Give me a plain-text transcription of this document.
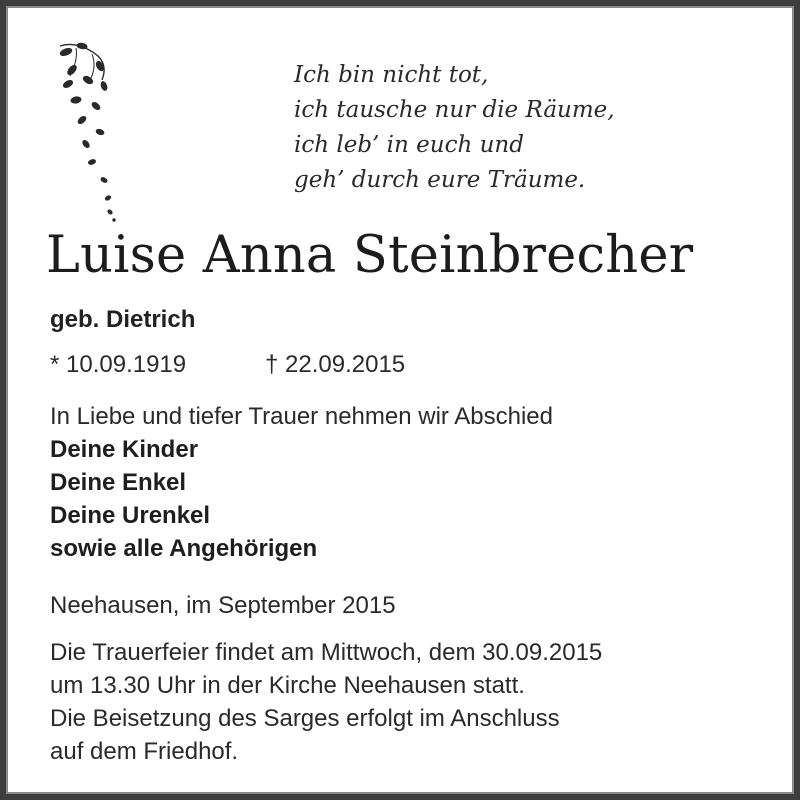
Ich bin nicht tot,
ich tausche nur die Räume,
ich leb’ in euch und
geh’ durch eure Träume.
Luise Anna Steinbrecher
geb. Dietrich
* 10.09.1919	† 22.09.2015
In Liebe und tiefer Trauer nehmen wir Abschied
Deine Kinder
Deine Enkel
Deine Urenkel
sowie alle Angehörigen
Neehausen, im September 2015
Die Trauerfeier findet am Mittwoch, dem 30.09.2015
um 13.30 Uhr in der Kirche Neehausen statt.
Die Beisetzung des Sarges erfolgt im Anschluss
auf dem Friedhof.
